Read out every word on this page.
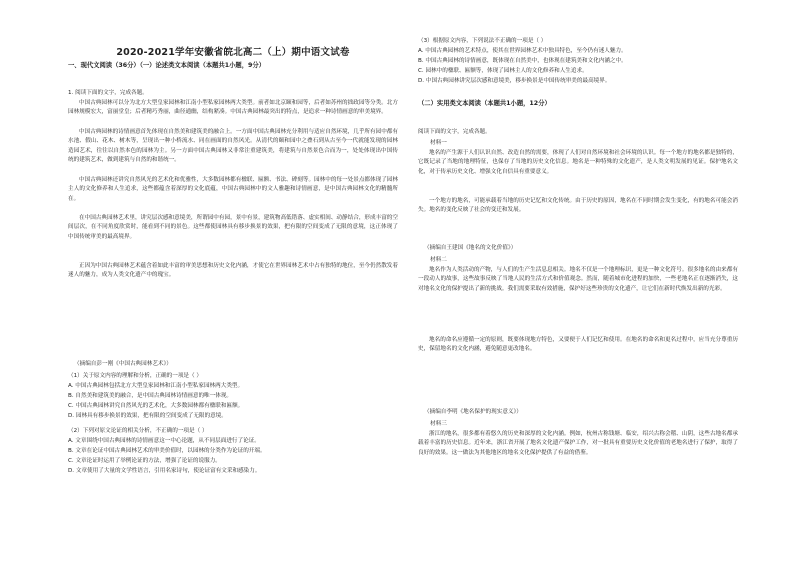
2020-2021学年安徽省皖北高二（上）期中语文试卷
一、现代文阅读（36分）（一）论述类文本阅读（本题共1小题，9分）
1. 阅读下面的文字，完成各题。

中国古典园林可以分为北方大型皇家园林和江南小型私家园林两大类型。前者如北京颐和园等，后者如苏州的拙政园等分类。北方园林规模宏大，富丽堂皇；后者精巧秀丽，曲径通幽，结构紧凑。中国古典园林最突出的特点，是追求一种诗情画意的审美境界。

中国古典园林的诗情画意首先体现在自然美和建筑美的融合上。一方面中国古典园林充分利用与适应自然环境，几乎所有园中都有水池、假山、花木、树木等，呈现出一种小桥流水、同在画面的自然风光。从清代的颐和园中之叠石到从古至今一代就能发现的园林造园艺术，往往以自然本色的园林为主。另一方面中国古典园林又非常注重建筑美，将建筑与自然景色合而为一，处处体现出中国传统的建筑艺术，做到建筑与自然的和谐统一。

中国古典园林还讲究自然风光的艺术化和优雅性，大多数园林都有楹联、匾额、书法、碑刻等。园林中的每一处景点都体现了园林主人的文化修养和人生追求，这些都蕴含着深厚的文化底蕴，中国古典园林中的文人雅趣和诗情画意，是中国古典园林文化的精髓所在。

在中国古典园林艺术里，讲究层次感和意境美，所谓园中有园，景中有景，建筑物高低错落、虚实相间、动静结合，形成丰富的空间层次，在不同角度欣赏时，能看到不同的景色。这些都使园林具有移步换景的效果，把有限的空间变成了无限的意境，这正体现了中国传统审美的最高境界。

正因为中国古典园林艺术蕴含着如此丰富的审美思想和历史文化内涵，才使它在世界园林艺术中占有独特的地位，至今仍然散发着迷人的魅力，成为人类文化遗产中的瑰宝。

（摘编自彭一刚《中国古典园林艺术》）
（1）关于原文内容的理解和分析，正确的一项是（ ）
A. 中国古典园林包括北方大型皇家园林和江南小型私家园林两大类型。
B. 自然美和建筑美的融合，是中国古典园林诗情画意的唯一体现。
C. 中国古典园林讲究自然风光的艺术化，大多数园林都有楹联和匾额。
D. 园林具有移步换景的效果，把有限的空间变成了无限的意境。
（2）下列对原文论证的相关分析，不正确的一项是（ ）
A. 文章围绕中国古典园林的诗情画意这一中心论题，从不同层面进行了论证。
B. 文章在论证中国古典园林艺术的审美价值时，以园林的分类作为论证的开端。
C. 文章论证时运用了举例论证的方法，增强了论证的说服力。
D. 文章使用了大量的文学性语言，引用名家诗句，使论证富有文采和感染力。
（3）根据原文内容，下列说法不正确的一项是（ ）
A. 中国古典园林的艺术特点，使其在世界园林艺术中独具特色，至今仍有迷人魅力。
B. 中国古典园林的诗情画意，既体现在自然美中，也体现在建筑美和文化内涵之中。
C. 园林中的楹联、匾额等，体现了园林主人的文化修养和人生追求。
D. 中国古典园林讲究层次感和意境美，移步换景是中国传统审美的最高境界。
（二）实用类文本阅读（本题共1小题，12分）
阅读下面的文字，完成各题。
材料一

地名的产生源于人们认识自然、改造自然的需要，体现了人们对自然环境和社会环境的认识。每一个地方的地名都是独特的，它既记录了当地的地理特征，也保存了当地的历史文化信息。地名是一种特殊的文化遗产，是人类文明发展的见证。保护地名文化，对于传承历史文化、增强文化自信具有重要意义。

一个地方的地名，可能承载着当地的历史记忆和文化传统。由于历史的原因，地名在不同时期会发生变化，有的地名可能会消失。地名的变化反映了社会的变迁和发展。

（摘编自王建国《地名的文化价值》）
材料二

地名作为人类活动的产物，与人们的生产生活息息相关。地名不仅是一个地理标识，更是一种文化符号。很多地名的由来都有一段动人的故事，这些故事反映了当地人民的生活方式和价值观念。然而，随着城市化进程的加快，一些老地名正在逐渐消失，这对地名文化的保护提出了新的挑战。我们需要采取有效措施，保护好这些珍贵的文化遗产，让它们在新时代焕发出新的光彩。

地名的命名应遵循一定的原则，既要体现地方特色，又要便于人们记忆和使用。在地名的命名和更名过程中，应当充分尊重历史，保留地名的文化内涵，避免随意更改地名。

（摘编自李明《地名保护的现实意义》）
材料三

浙江的地名，很多都有着悠久的历史和深厚的文化内涵。例如，杭州古称钱塘、临安，绍兴古称会稽、山阴，这些古地名都承载着丰富的历史信息。近年来，浙江省开展了地名文化遗产保护工作，对一批具有重要历史文化价值的老地名进行了保护，取得了良好的效果。这一做法为其他地区的地名文化保护提供了有益的借鉴。
